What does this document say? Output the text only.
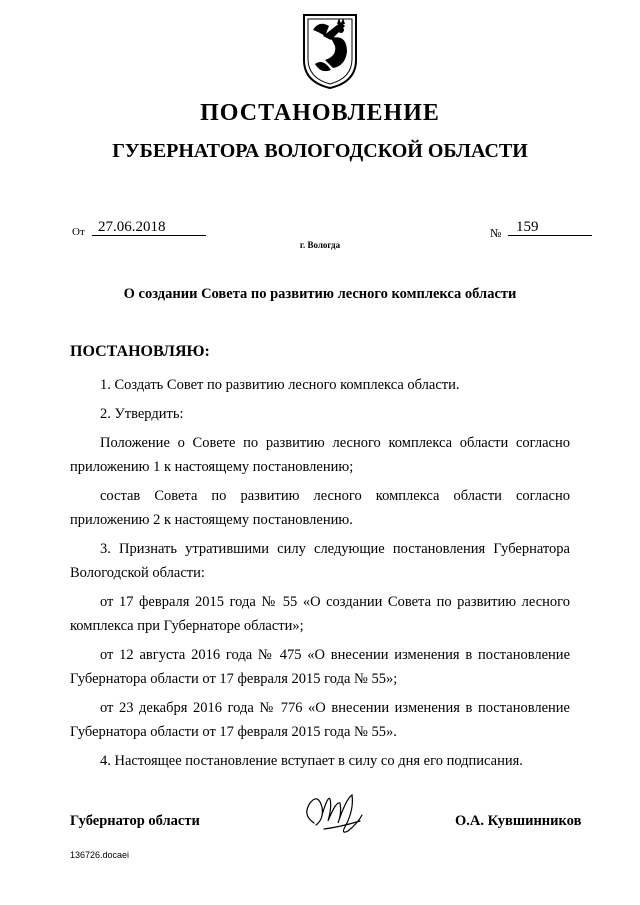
ПОСТАНОВЛЕНИЕ
ГУБЕРНАТОРА ВОЛОГОДСКОЙ ОБЛАСТИ
От 27.06.2018	№ 159
г. Вологда
О создании Совета по развитию лесного комплекса области
ПОСТАНОВЛЯЮ:

1. Создать Совет по развитию лесного комплекса области.

2. Утвердить:

Положение о Совете по развитию лесного комплекса области согласно приложению 1 к настоящему постановлению;

состав Совета по развитию лесного комплекса области согласно приложению 2 к настоящему постановлению.

3. Признать утратившими силу следующие постановления Губернатора Вологодской области:

от 17 февраля 2015 года № 55 «О создании Совета по развитию лесного комплекса при Губернаторе области»;

от 12 августа 2016 года № 475 «О внесении изменения в постановление Губернатора области от 17 февраля 2015 года № 55»;

от 23 декабря 2016 года № 776 «О внесении изменения в постановление Губернатора области от 17 февраля 2015 года № 55».

4. Настоящее постановление вступает в силу со дня его подписания.

Губернатор области	О.А. Кувшинников
136726.docaei
